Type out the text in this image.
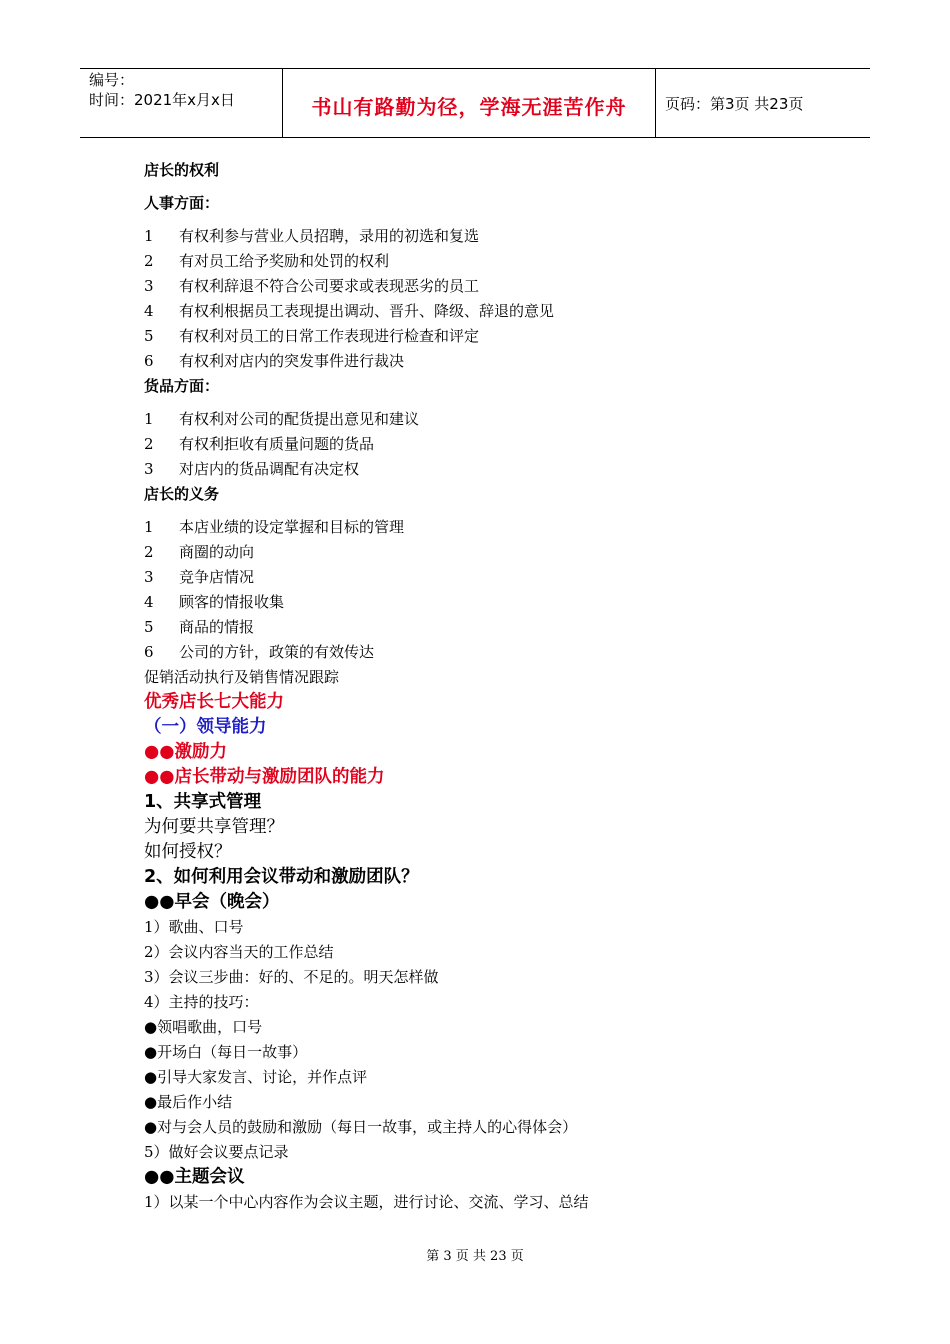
编号：
时间：2021年x月x日	书山有路勤为径，学海无涯苦作舟	页码：第3页 共23页
店长的权利
人事方面：
1 有权利参与营业人员招聘，录用的初选和复选
2 有对员工给予奖励和处罚的权利
3 有权利辞退不符合公司要求或表现恶劣的员工
4 有权利根据员工表现提出调动、晋升、降级、辞退的意见
5 有权利对员工的日常工作表现进行检查和评定
6 有权利对店内的突发事件进行裁决
货品方面：
1 有权利对公司的配货提出意见和建议
2 有权利拒收有质量问题的货品
3 对店内的货品调配有决定权
店长的义务
1 本店业绩的设定掌握和目标的管理
2 商圈的动向
3 竞争店情况
4 顾客的情报收集
5 商品的情报
6 公司的方针，政策的有效传达
促销活动执行及销售情况跟踪
优秀店长七大能力
（一）领导能力
●●激励力
●●店长带动与激励团队的能力
1、共享式管理
为何要共享管理？
如何授权？
2、如何利用会议带动和激励团队？
●●早会（晚会）
1）歌曲、口号
2）会议内容当天的工作总结
3）会议三步曲：好的、不足的。明天怎样做
4）主持的技巧：
●领唱歌曲，口号
●开场白（每日一故事）
●引导大家发言、讨论，并作点评
●最后作小结
●对与会人员的鼓励和激励（每日一故事，或主持人的心得体会）
5）做好会议要点记录
●●主题会议
1）以某一个中心内容作为会议主题，进行讨论、交流、学习、总结
第 3 页 共 23 页
